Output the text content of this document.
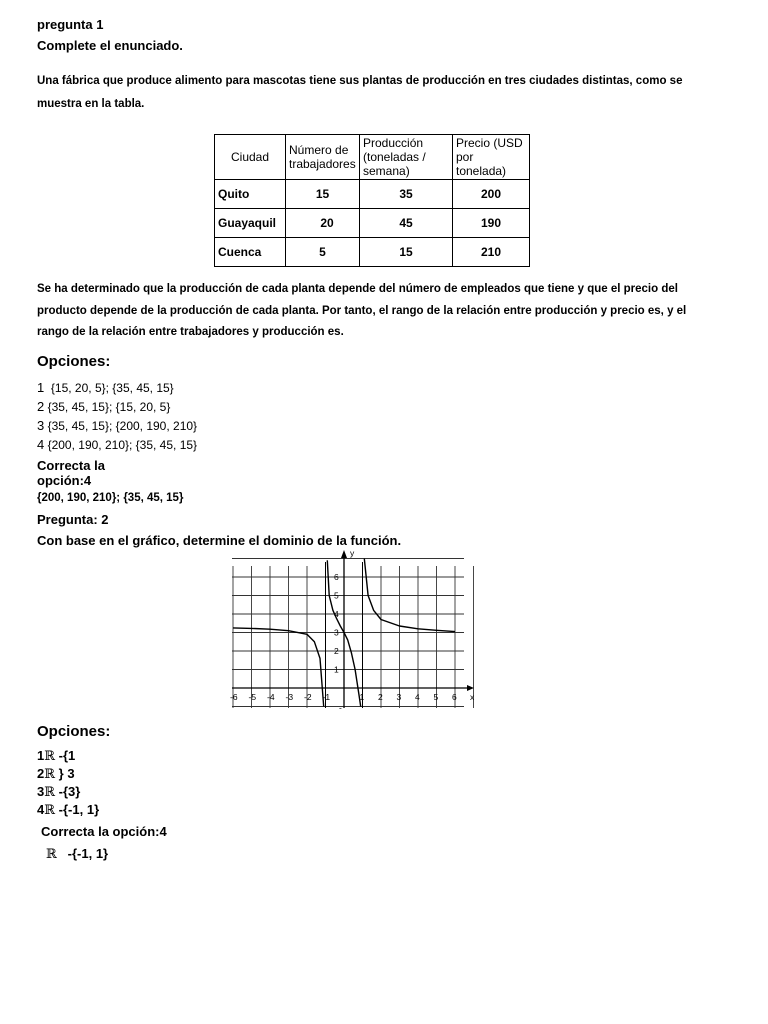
pregunta 1
Complete el enunciado.
Una fábrica que produce alimento para mascotas tiene sus plantas de producción en tres ciudades distintas, como se
muestra en la tabla.
Ciudad	Número de trabajadores	Producción (toneladas / semana)	Precio (USD por tonelada)
Quito	15	35	200
Guayaquil	20	45	190
Cuenca	5	15	210
Se ha determinado que la producción de cada planta depende del número de empleados que tiene y que el precio del
producto depende de la producción de cada planta. Por tanto, el rango de la relación entre producción y precio es, y el
rango de la relación entre trabajadores y producción es.
Opciones:
1 {15, 20, 5}; {35, 45, 15}
2 {35, 45, 15}; {15, 20, 5}
3 {35, 45, 15}; {200, 190, 210}
4 {200, 190, 210}; {35, 45, 15}
Correcta la
opción:4
{200, 190, 210}; {35, 45, 15}
Pregunta: 2
Con base en el gráfico, determine el dominio de la función.
-6 -5 -4 -3 -2 -1	1 2 3 4 5 6
1
2
3
4
5
6
-
x
y
Opciones:
1ℝ -{1
2ℝ } 3
3ℝ -{3}
4ℝ -{-1, 1}
Correcta la opción:4
ℝ -{-1, 1}
